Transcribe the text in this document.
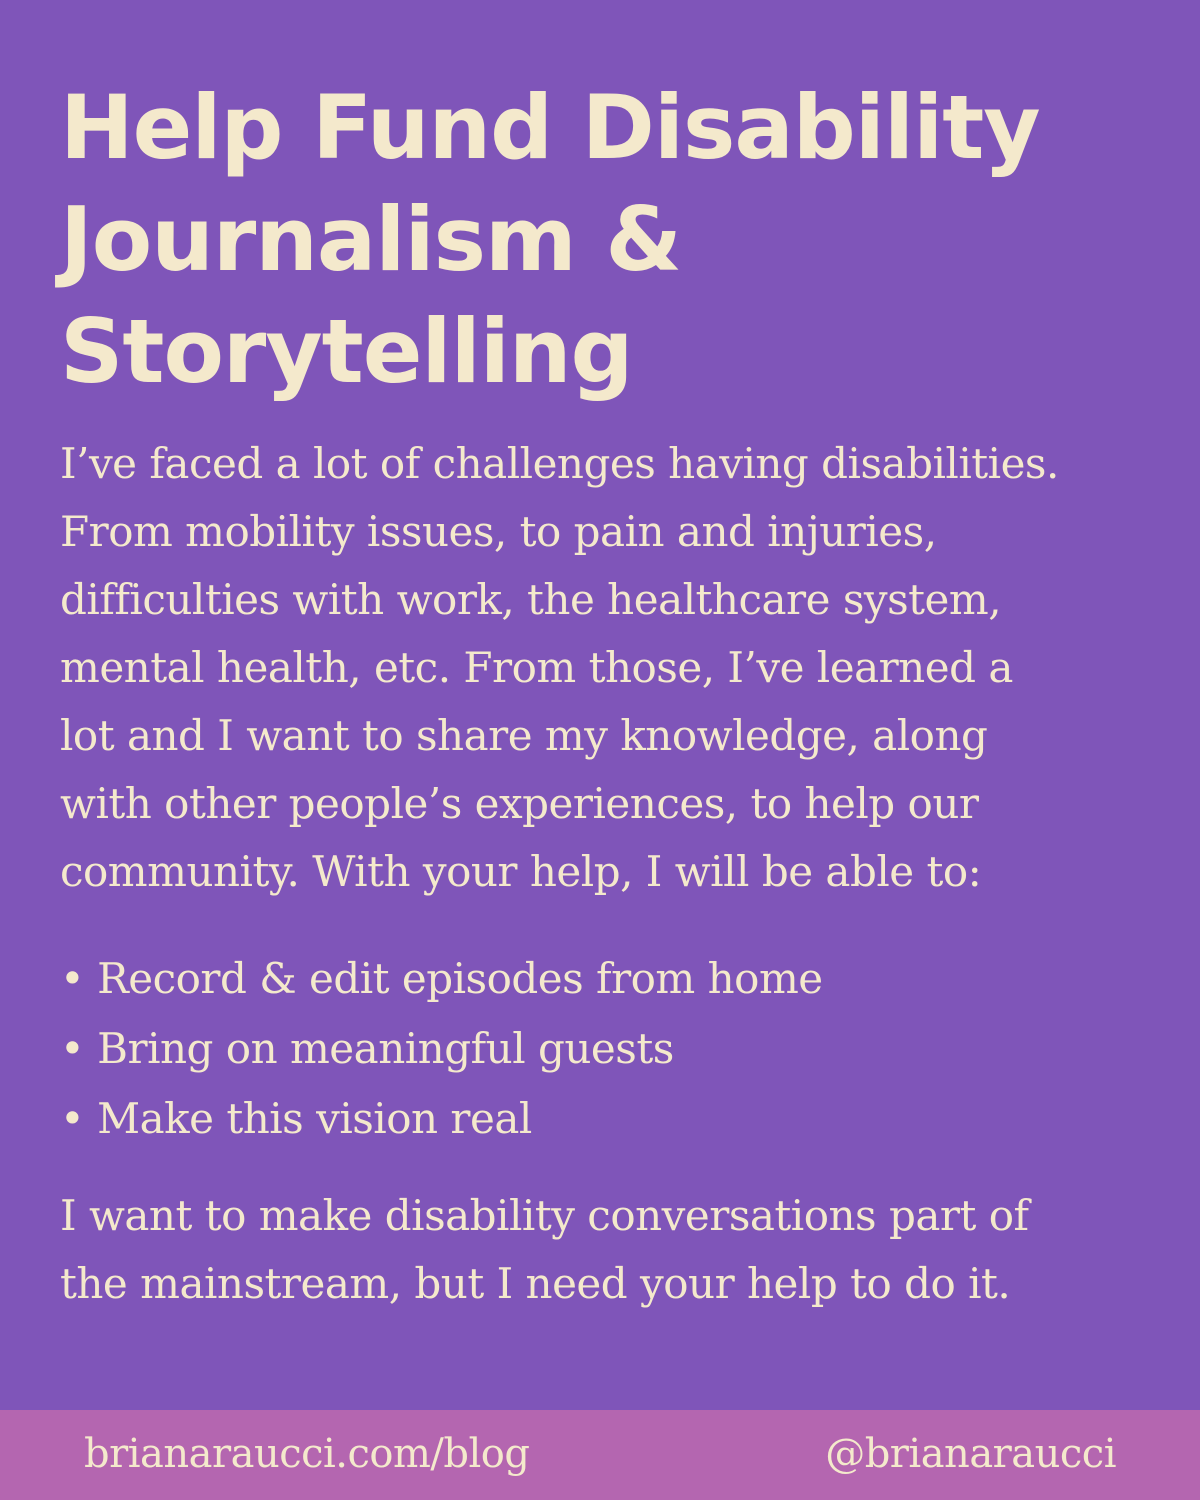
Help Fund Disability
Journalism &
Storytelling
I’ve faced a lot of challenges having disabilities.
From mobility issues, to pain and injuries,
difficulties with work, the healthcare system,
mental health, etc. From those, I’ve learned a
lot and I want to share my knowledge, along
with other people’s experiences, to help our
community. With your help, I will be able to:
• Record & edit episodes from home
• Bring on meaningful guests
• Make this vision real
I want to make disability conversations part of
the mainstream, but I need your help to do it.
brianaraucci.com/blog	@brianaraucci
